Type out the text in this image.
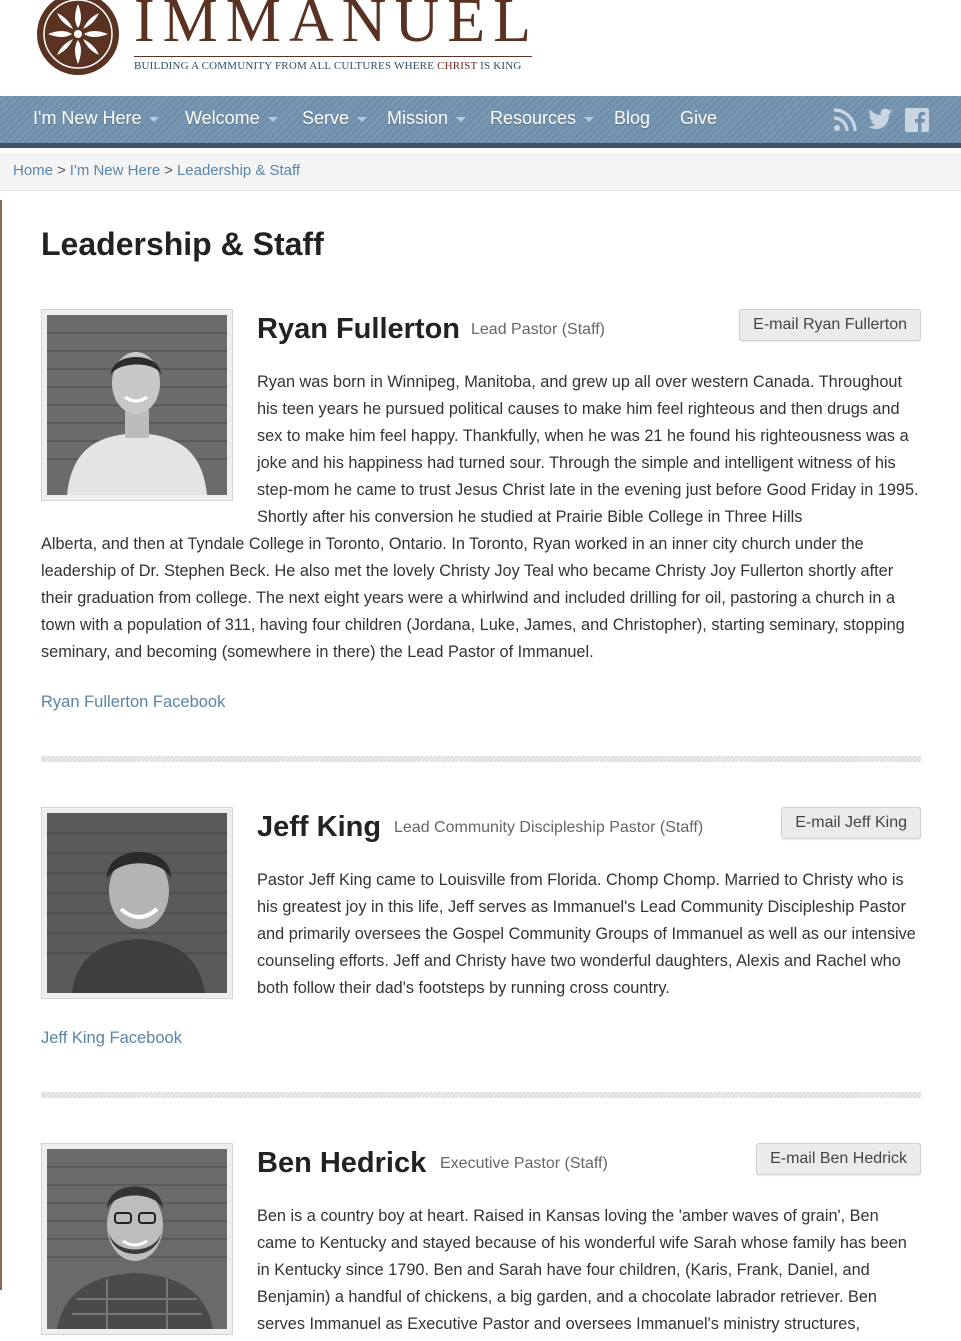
IMMANUEL
BUILDING A COMMUNITY FROM ALL CULTURES WHERE CHRIST IS KING
I'm New Here Welcome Serve Mission Resources Blog Give
Home > I'm New Here > Leadership & Staff
Leadership & Staff
Ryan Fullerton Lead Pastor (Staff)	E-mail Ryan Fullerton
Ryan was born in Winnipeg, Manitoba, and grew up all over western Canada. Throughout his teen years he pursued political causes to make him feel righteous and then drugs and sex to make him feel happy. Thankfully, when he was 21 he found his righteousness was a joke and his happiness had turned sour. Through the simple and intelligent witness of his step-mom he came to trust Jesus Christ late in the evening just before Good Friday in 1995. Shortly after his conversion he studied at Prairie Bible College in Three Hills
Alberta, and then at Tyndale College in Toronto, Ontario. In Toronto, Ryan worked in an inner city church under the leadership of Dr. Stephen Beck. He also met the lovely Christy Joy Teal who became Christy Joy Fullerton shortly after their graduation from college. The next eight years were a whirlwind and included drilling for oil, pastoring a church in a town with a population of 311, having four children (Jordana, Luke, James, and Christopher), starting seminary, stopping seminary, and becoming (somewhere in there) the Lead Pastor of Immanuel.
Ryan Fullerton Facebook
Jeff King Lead Community Discipleship Pastor (Staff)	E-mail Jeff King
Pastor Jeff King came to Louisville from Florida. Chomp Chomp. Married to Christy who is his greatest joy in this life, Jeff serves as Immanuel's Lead Community Discipleship Pastor and primarily oversees the Gospel Community Groups of Immanuel as well as our intensive counseling efforts. Jeff and Christy have two wonderful daughters, Alexis and Rachel who both follow their dad's footsteps by running cross country.
Jeff King Facebook
Ben Hedrick Executive Pastor (Staff)	E-mail Ben Hedrick
Ben is a country boy at heart. Raised in Kansas loving the 'amber waves of grain', Ben came to Kentucky and stayed because of his wonderful wife Sarah whose family has been in Kentucky since 1790. Ben and Sarah have four children, (Karis, Frank, Daniel, and Benjamin) a handful of chickens, a big garden, and a chocolate labrador retriever. Ben serves Immanuel as Executive Pastor and oversees Immanuel's ministry structures,
